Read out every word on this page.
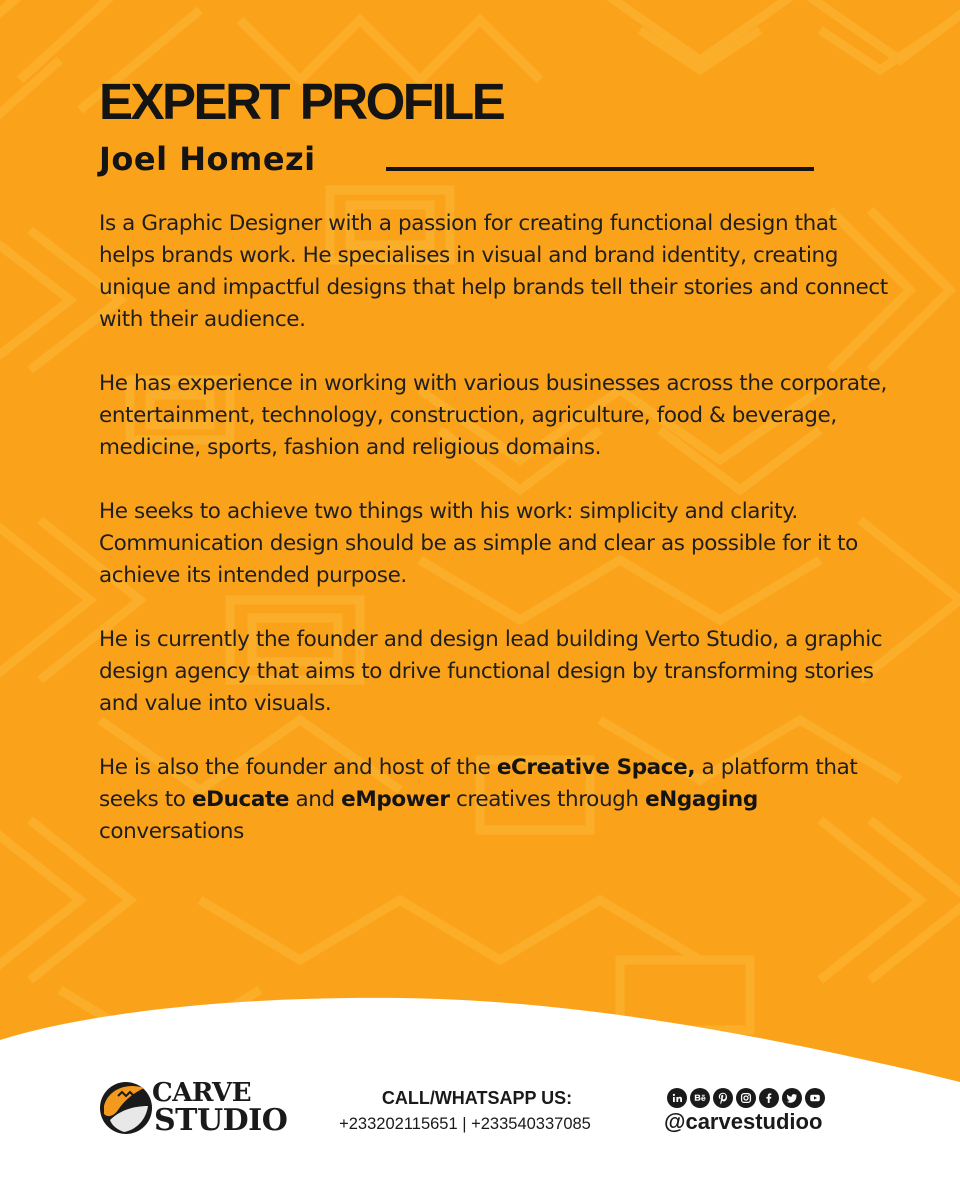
EXPERT PROFILE
Joel Homezi

Is a Graphic Designer with a passion for creating functional design that helps brands work. He specialises in visual and brand identity, creating unique and impactful designs that help brands tell their stories and connect with their audience.

He has experience in working with various businesses across the corporate, entertainment, technology, construction, agriculture, food & beverage, medicine, sports, fashion and religious domains.

He seeks to achieve two things with his work: simplicity and clarity. Communication design should be as simple and clear as possible for it to achieve its intended purpose.

He is currently the founder and design lead building Verto Studio, a graphic design agency that aims to drive functional design by transforming stories and value into visuals.

He is also the founder and host of the eCreative Space, a platform that seeks to eDucate and eMpower creatives through eNgaging conversations

CARVE
STUDIO
CALL/WHATSAPP US:
+233202115651 | +233540337085	@carvestudioo
